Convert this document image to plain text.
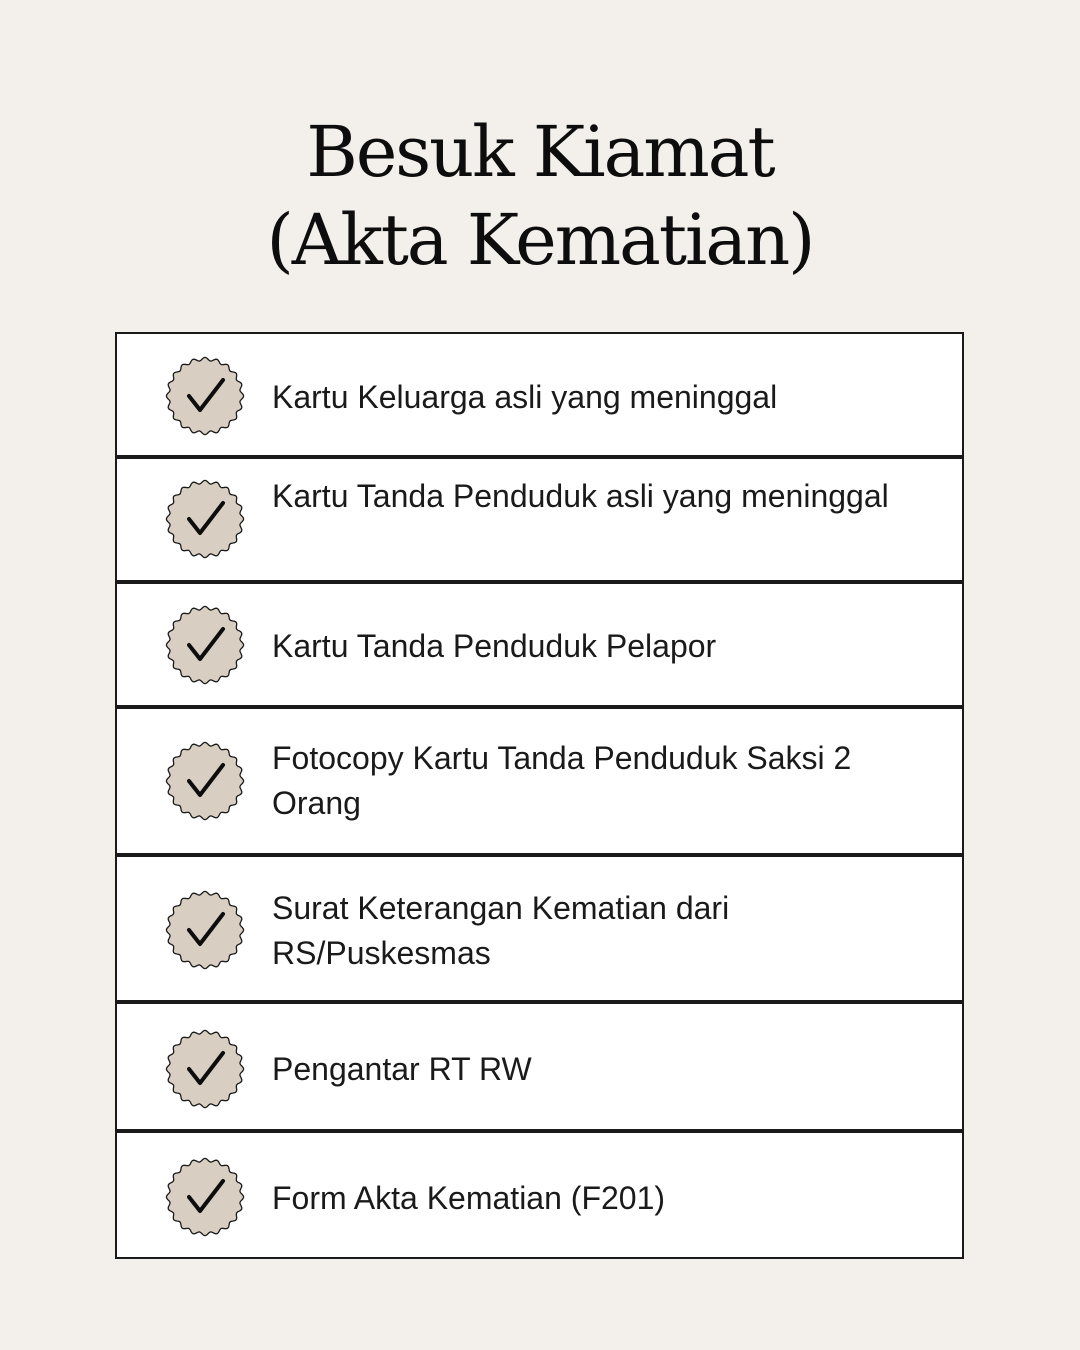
Besuk Kiamat
(Akta Kematian)
Kartu Keluarga asli yang meninggal
Kartu Tanda Penduduk asli yang meninggal
Kartu Tanda Penduduk Pelapor
Fotocopy Kartu Tanda Penduduk Saksi 2 Orang
Surat Keterangan Kematian dari RS/Puskesmas
Pengantar RT RW
Form Akta Kematian (F201)
